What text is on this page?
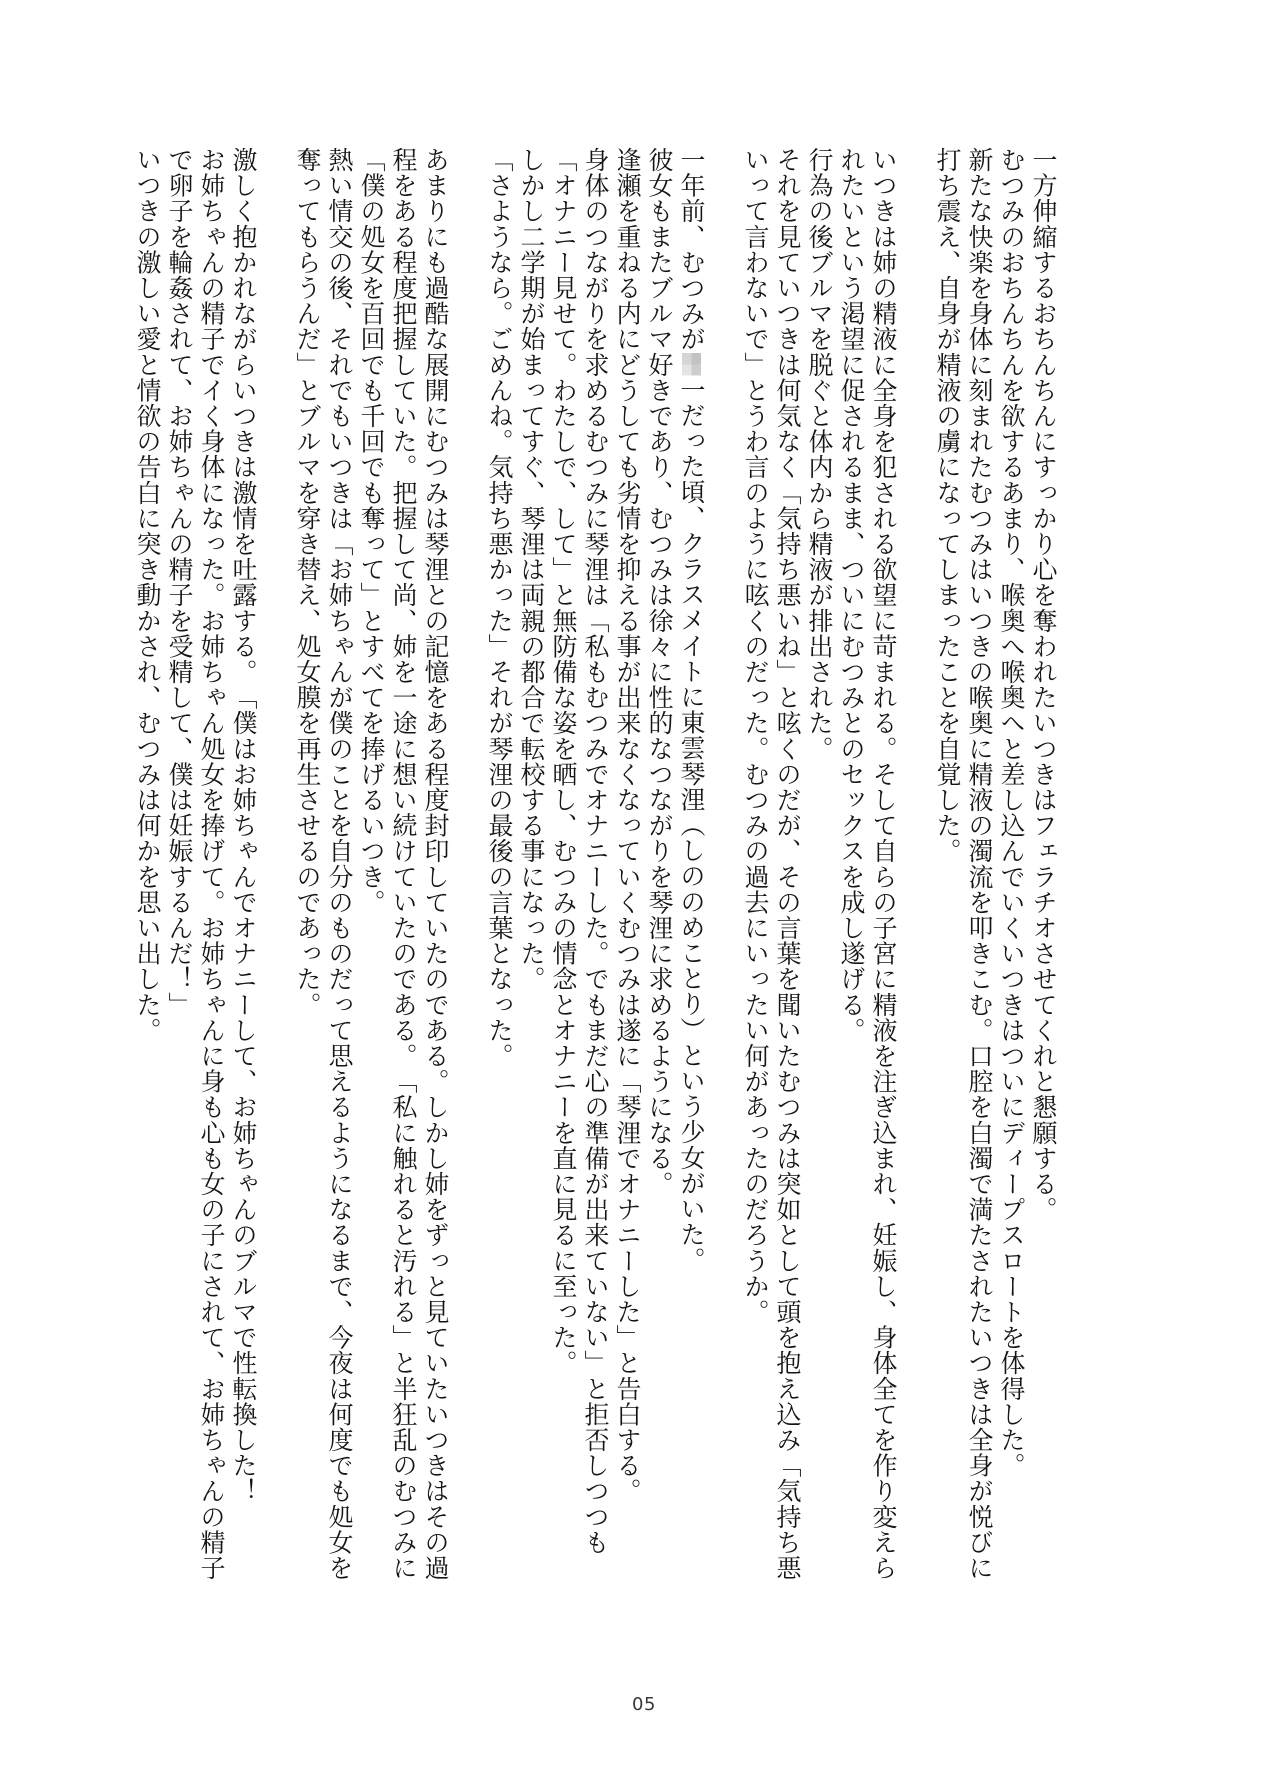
一方伸縮するおちんちんにすっかり心を奪われたいつきはフェラチオさせてくれと懇願する。
むつみのおちんちんを欲するあまり、喉奥へ喉奥へと差し込んでいくいつきはついにディープスロートを体得した。
新たな快楽を身体に刻まれたむつみはいつきの喉奥に精液の濁流を叩きこむ。口腔を白濁で満たされたいつきは全身が悦びに打ち震え、自身が精液の虜になってしまったことを自覚した。

いつきは姉の精液に全身を犯される欲望に苛まれる。そして自らの子宮に精液を注ぎ込まれ、妊娠し、身体全てを作り変えられたいという渇望に促されるまま、ついにむつみとのセックスを成し遂げる。
行為の後ブルマを脱ぐと体内から精液が排出された。
それを見ていつきは何気なく「気持ち悪いね」と呟くのだが、その言葉を聞いたむつみは突如として頭を抱え込み「気持ち悪いって言わないで」とうわ言のように呟くのだった。むつみの過去にいったい何があったのだろうか。

一年前、むつみが一だった頃、クラスメイトに東雲琴浬（しののめことり）という少女がいた。
彼女もまたブルマ好きであり、むつみは徐々に性的なつながりを琴浬に求めるようになる。
逢瀬を重ねる内にどうしても劣情を抑える事が出来なくなっていくむつみは遂に「琴浬でオナニーした」と告白する。
身体のつながりを求めるむつみに琴浬は「私もむつみでオナニーした。でもまだ心の準備が出来ていない」と拒否しつつも「オナニー見せて。わたしで、して」と無防備な姿を晒し、むつみの情念とオナニーを直に見るに至った。
しかし二学期が始まってすぐ、琴浬は両親の都合で転校する事になった。
「さようなら。ごめんね。気持ち悪かった」それが琴浬の最後の言葉となった。

あまりにも過酷な展開にむつみは琴浬との記憶をある程度封印していたのである。しかし姉をずっと見ていたいつきはその過程をある程度把握していた。把握して尚、姉を一途に想い続けていたのである。「私に触れると汚れる」と半狂乱のむつみに「僕の処女を百回でも千回でも奪って」とすべてを捧げるいつき。
熱い情交の後、それでもいつきは「お姉ちゃんが僕のことを自分のものだって思えるようになるまで、今夜は何度でも処女を奪ってもらうんだ」とブルマを穿き替え、処女膜を再生させるのであった。

激しく抱かれながらいつきは激情を吐露する。「僕はお姉ちゃんでオナニーして、お姉ちゃんのブルマで性転換した！
お姉ちゃんの精子でイく身体になった。お姉ちゃん処女を捧げて。お姉ちゃんに身も心も女の子にされて、お姉ちゃんの精子で卵子を輪姦されて、お姉ちゃんの精子を受精して、僕は妊娠するんだ！」
いつきの激しい愛と情欲の告白に突き動かされ、むつみは何かを思い出した。

05
